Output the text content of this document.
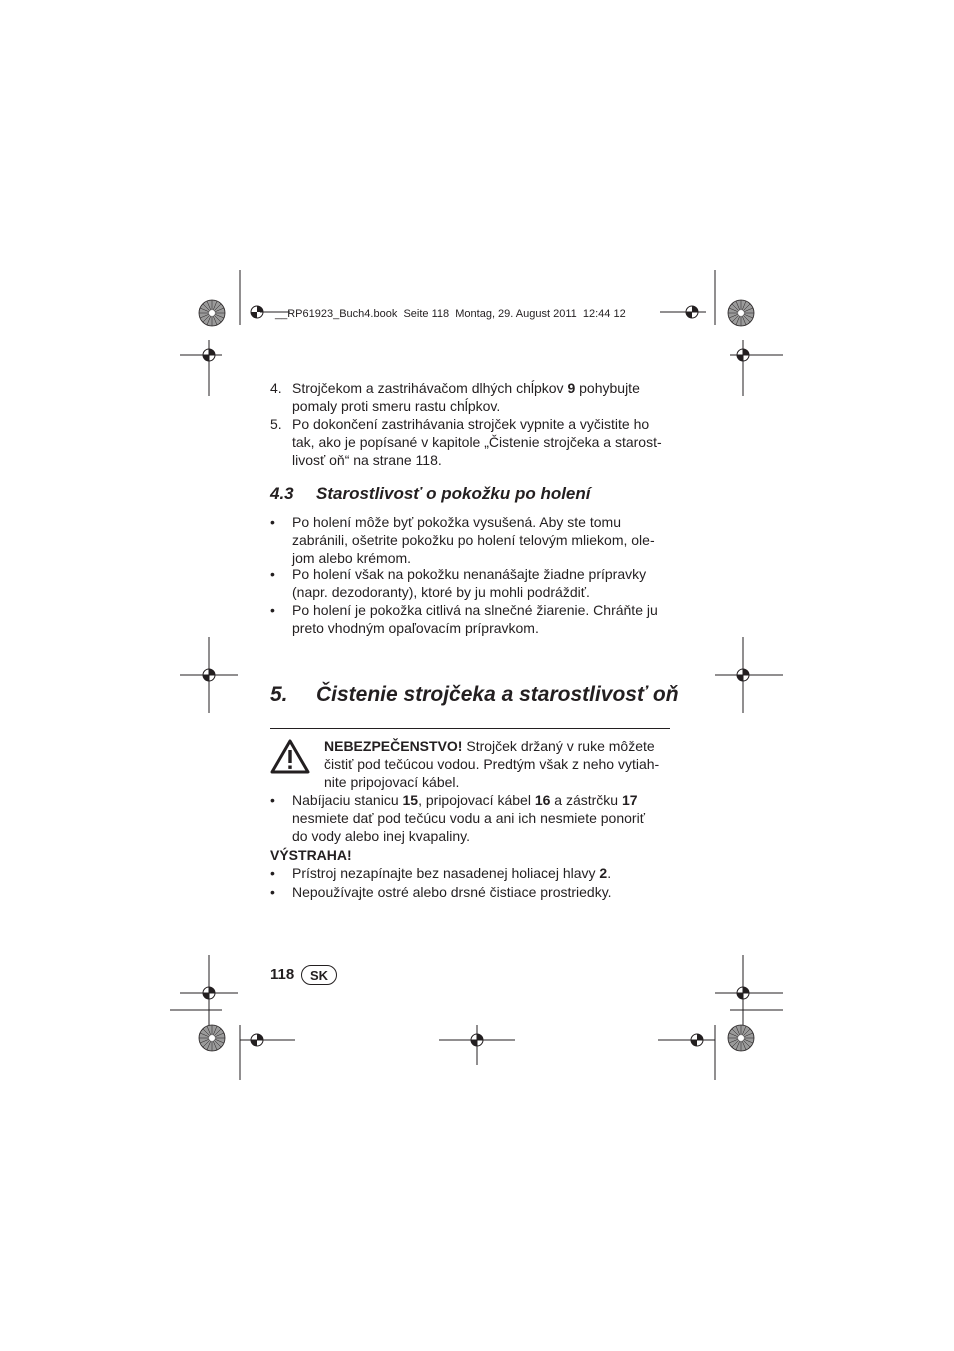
__RP61923_Buch4.book Seite 118 Montag, 29. August 2011 12:44 12
4. Strojčekom a zastrihávačom dlhých chĺpkov 9 pohybujte
pomaly proti smeru rastu chĺpkov.
5. Po dokončení zastrihávania strojček vypnite a vyčistite ho
tak, ako je popísané v kapitole „Čistenie strojčeka a starost-
livosť oň“ na strane 118.
4.3 Starostlivosť o pokožku po holení
• Po holení môže byť pokožka vysušená. Aby ste tomu
zabránili, ošetrite pokožku po holení telovým mliekom, ole-
jom alebo krémom.
• Po holení však na pokožku nenanášajte žiadne prípravky
(napr. dezodoranty), ktoré by ju mohli podráždiť.
• Po holení je pokožka citlivá na slnečné žiarenie. Chráňte ju
preto vhodným opaľovacím prípravkom.
5. Čistenie strojčeka a starostlivosť oň
NEBEZPEČENSTVO! Strojček držaný v ruke môžete
čistiť pod tečúcou vodou. Predtým však z neho vytiah-
nite pripojovací kábel.
• Nabíjaciu stanicu 15, pripojovací kábel 16 a zástrčku 17
nesmiete dať pod tečúcu vodu a ani ich nesmiete ponoriť
do vody alebo inej kvapaliny.
VÝSTRAHA!
• Prístroj nezapínajte bez nasadenej holiacej hlavy 2.
• Nepoužívajte ostré alebo drsné čistiace prostriedky.
118	SK
